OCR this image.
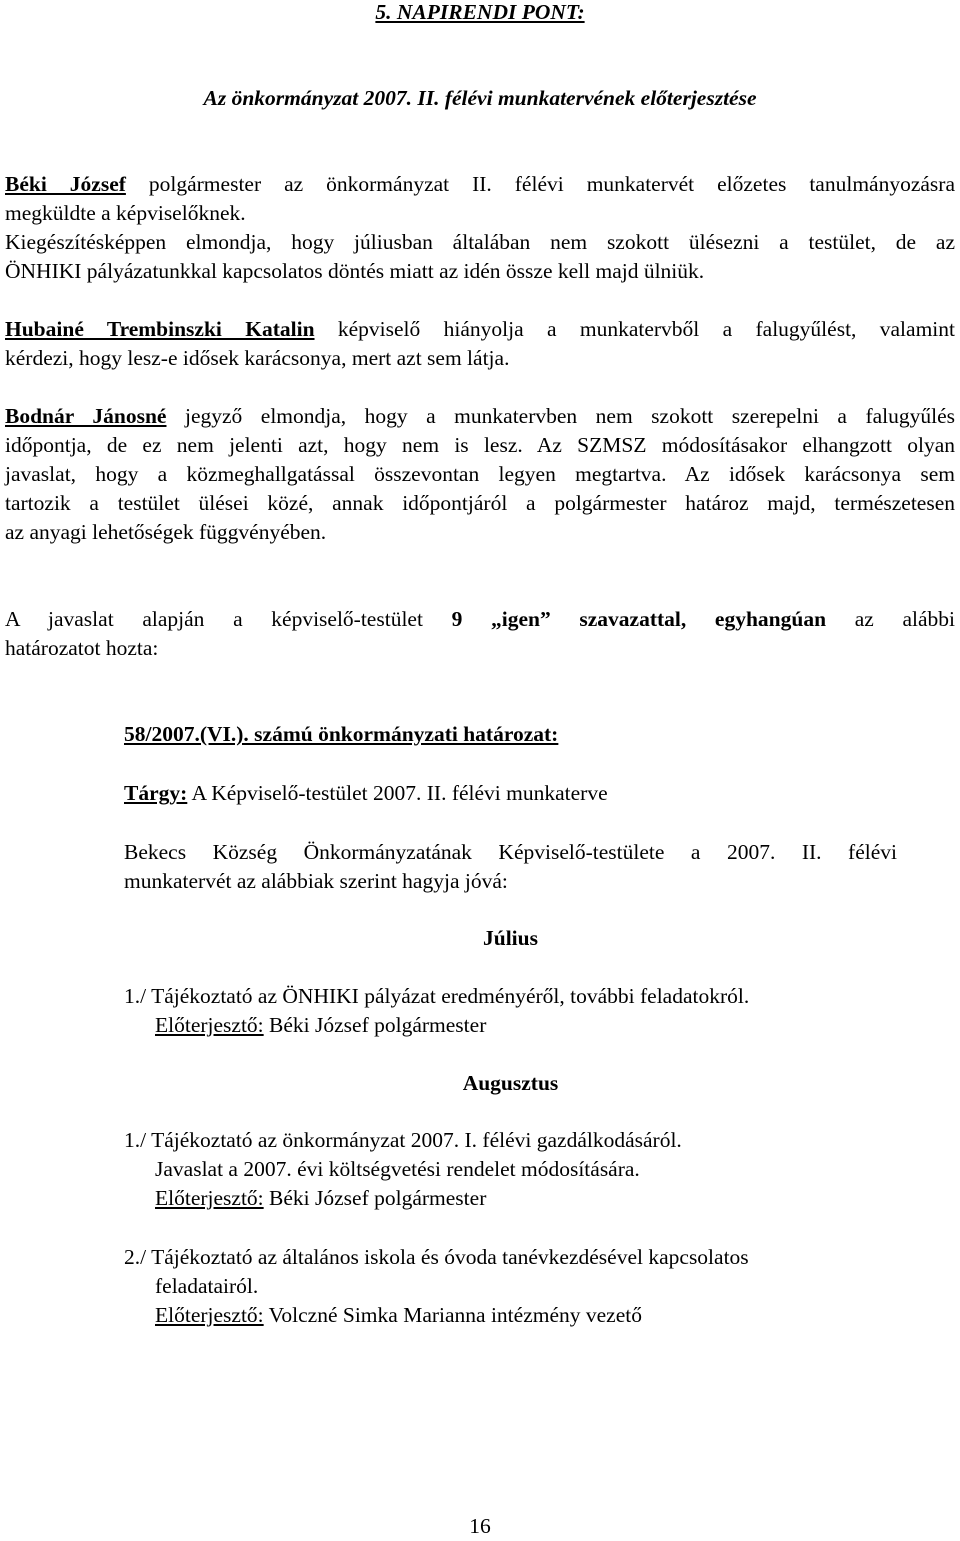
5. NAPIRENDI PONT:

Az önkormányzat 2007. II. félévi munkatervének előterjesztése

Béki József polgármester az önkormányzat II. félévi munkatervét előzetes tanulmányozásra

megküldte a képviselőknek.

Kiegészítésképpen elmondja, hogy júliusban általában nem szokott ülésezni a testület, de az

ÖNHIKI pályázatunkkal kapcsolatos döntés miatt az idén össze kell majd ülniük.

Hubainé Trembinszki Katalin képviselő hiányolja a munkatervből a falugyűlést, valamint

kérdezi, hogy lesz-e idősek karácsonya, mert azt sem látja.

Bodnár Jánosné jegyző elmondja, hogy a munkatervben nem szokott szerepelni a falugyűlés

időpontja, de ez nem jelenti azt, hogy nem is lesz. Az SZMSZ módosításakor elhangzott olyan

javaslat, hogy a közmeghallgatással összevontan legyen megtartva. Az idősek karácsonya sem

tartozik a testület ülései közé, annak időpontjáról a polgármester határoz majd, természetesen

az anyagi lehetőségek függvényében.

A javaslat alapján a képviselő-testület 9 „igen” szavazattal, egyhangúan az alábbi

határozatot hozta:

58/2007.(VI.). számú önkormányzati határozat:

Tárgy: A Képviselő-testület 2007. II. félévi munkaterve

Bekecs Község Önkormányzatának Képviselő-testülete a 2007. II. félévi

munkatervét az alábbiak szerint hagyja jóvá:

Július

1./ Tájékoztató az ÖNHIKI pályázat eredményéről, további feladatokról.

Előterjesztő: Béki József polgármester

Augusztus

1./ Tájékoztató az önkormányzat 2007. I. félévi gazdálkodásáról.

Javaslat a 2007. évi költségvetési rendelet módosítására.

Előterjesztő: Béki József polgármester

2./ Tájékoztató az általános iskola és óvoda tanévkezdésével kapcsolatos

feladatairól.

Előterjesztő: Volczné Simka Marianna intézmény vezető

16
